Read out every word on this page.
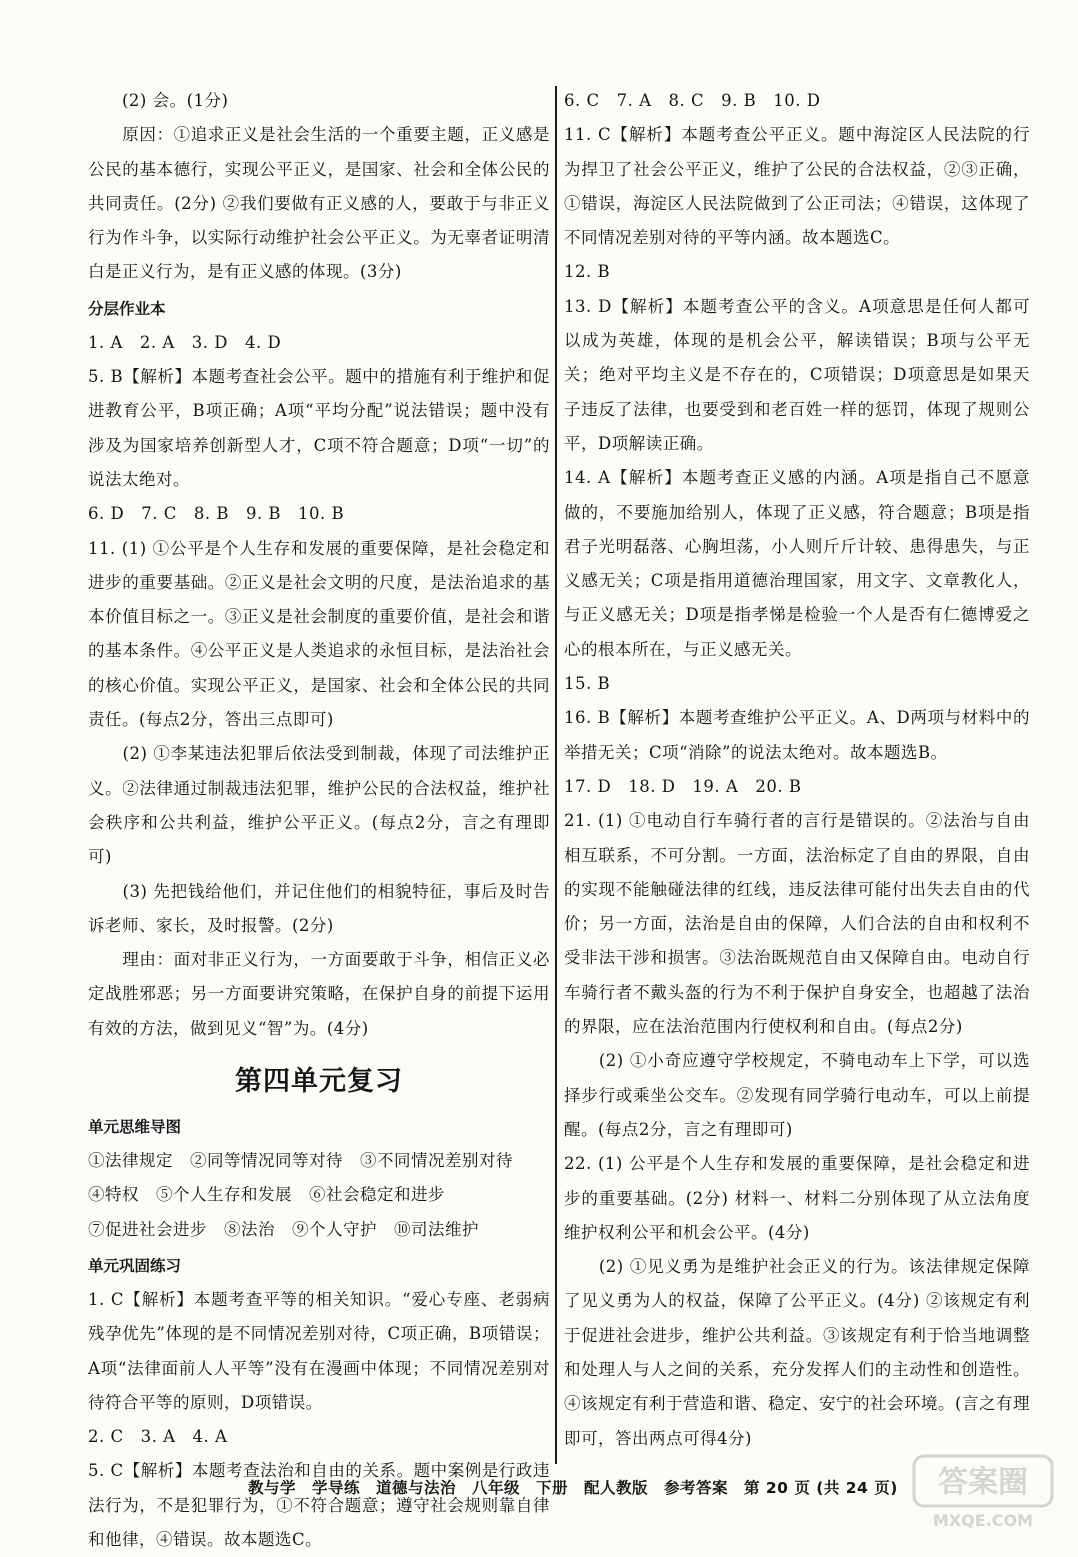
　　(2) 会。(1分)

　　原因：①追求正义是社会生活的一个重要主题，正义感是公民的基本德行，实现公平正义，是国家、社会和全体公民的共同责任。(2分) ②我们要做有正义感的人，要敢于与非正义行为作斗争，以实际行动维护社会公平正义。为无辜者证明清白是正义行为，是有正义感的体现。(3分)

分层作业本

1. A　2. A　3. D　4. D

5. B【解析】本题考查社会公平。题中的措施有利于维护和促进教育公平，B项正确；A项“平均分配”说法错误；题中没有涉及为国家培养创新型人才，C项不符合题意；D项“一切”的说法太绝对。

6. D　7. C　8. B　9. B　10. B

11. (1) ①公平是个人生存和发展的重要保障，是社会稳定和进步的重要基础。②正义是社会文明的尺度，是法治追求的基本价值目标之一。③正义是社会制度的重要价值，是社会和谐的基本条件。④公平正义是人类追求的永恒目标，是法治社会的核心价值。实现公平正义，是国家、社会和全体公民的共同责任。(每点2分，答出三点即可)

　　(2) ①李某违法犯罪后依法受到制裁，体现了司法维护正义。②法律通过制裁违法犯罪，维护公民的合法权益，维护社会秩序和公共利益，维护公平正义。(每点2分，言之有理即可)

　　(3) 先把钱给他们，并记住他们的相貌特征，事后及时告诉老师、家长，及时报警。(2分)

　　理由：面对非正义行为，一方面要敢于斗争，相信正义必定战胜邪恶；另一方面要讲究策略，在保护自身的前提下运用有效的方法，做到见义“智”为。(4分)

第四单元复习

单元思维导图

①法律规定　②同等情况同等对待　③不同情况差别对待

④特权　⑤个人生存和发展　⑥社会稳定和进步

⑦促进社会进步　⑧法治　⑨个人守护　⑩司法维护

单元巩固练习

1. C【解析】本题考查平等的相关知识。“爱心专座、老弱病残孕优先”体现的是不同情况差别对待，C项正确，B项错误；A项“法律面前人人平等”没有在漫画中体现；不同情况差别对待符合平等的原则，D项错误。

2. C　3. A　4. A

5. C【解析】本题考查法治和自由的关系。题中案例是行政违法行为，不是犯罪行为，①不符合题意；遵守社会规则靠自律和他律，④错误。故本题选C。

6. C　7. A　8. C　9. B　10. D

11. C【解析】本题考查公平正义。题中海淀区人民法院的行为捍卫了社会公平正义，维护了公民的合法权益，②③正确，①错误，海淀区人民法院做到了公正司法；④错误，这体现了不同情况差别对待的平等内涵。故本题选C。

12. B

13. D【解析】本题考查公平的含义。A项意思是任何人都可以成为英雄，体现的是机会公平，解读错误；B项与公平无关；绝对平均主义是不存在的，C项错误；D项意思是如果天子违反了法律，也要受到和老百姓一样的惩罚，体现了规则公平，D项解读正确。

14. A【解析】本题考查正义感的内涵。A项是指自己不愿意做的，不要施加给别人，体现了正义感，符合题意；B项是指君子光明磊落、心胸坦荡，小人则斤斤计较、患得患失，与正义感无关；C项是指用道德治理国家，用文字、文章教化人，与正义感无关；D项是指孝悌是检验一个人是否有仁德博爱之心的根本所在，与正义感无关。

15. B

16. B【解析】本题考查维护公平正义。A、D两项与材料中的举措无关；C项“消除”的说法太绝对。故本题选B。

17. D　18. D　19. A　20. B

21. (1) ①电动自行车骑行者的言行是错误的。②法治与自由相互联系，不可分割。一方面，法治标定了自由的界限，自由的实现不能触碰法律的红线，违反法律可能付出失去自由的代价；另一方面，法治是自由的保障，人们合法的自由和权利不受非法干涉和损害。③法治既规范自由又保障自由。电动自行车骑行者不戴头盔的行为不利于保护自身安全，也超越了法治的界限，应在法治范围内行使权利和自由。(每点2分)

　　(2) ①小奇应遵守学校规定，不骑电动车上下学，可以选择步行或乘坐公交车。②发现有同学骑行电动车，可以上前提醒。(每点2分，言之有理即可)

22. (1) 公平是个人生存和发展的重要保障，是社会稳定和进步的重要基础。(2分) 材料一、材料二分别体现了从立法角度维护权利公平和机会公平。(4分)

　　(2) ①见义勇为是维护社会正义的行为。该法律规定保障了见义勇为人的权益，保障了公平正义。(4分) ②该规定有利于促进社会进步，维护公共利益。③该规定有利于恰当地调整和处理人与人之间的关系，充分发挥人们的主动性和创造性。④该规定有利于营造和谐、稳定、安宁的社会环境。(言之有理即可，答出两点可得4分)

教与学　学导练　道德与法治　八年级　下册　配人教版　参考答案　第 20 页 (共 24 页) 答案圈
MXQE.COM
